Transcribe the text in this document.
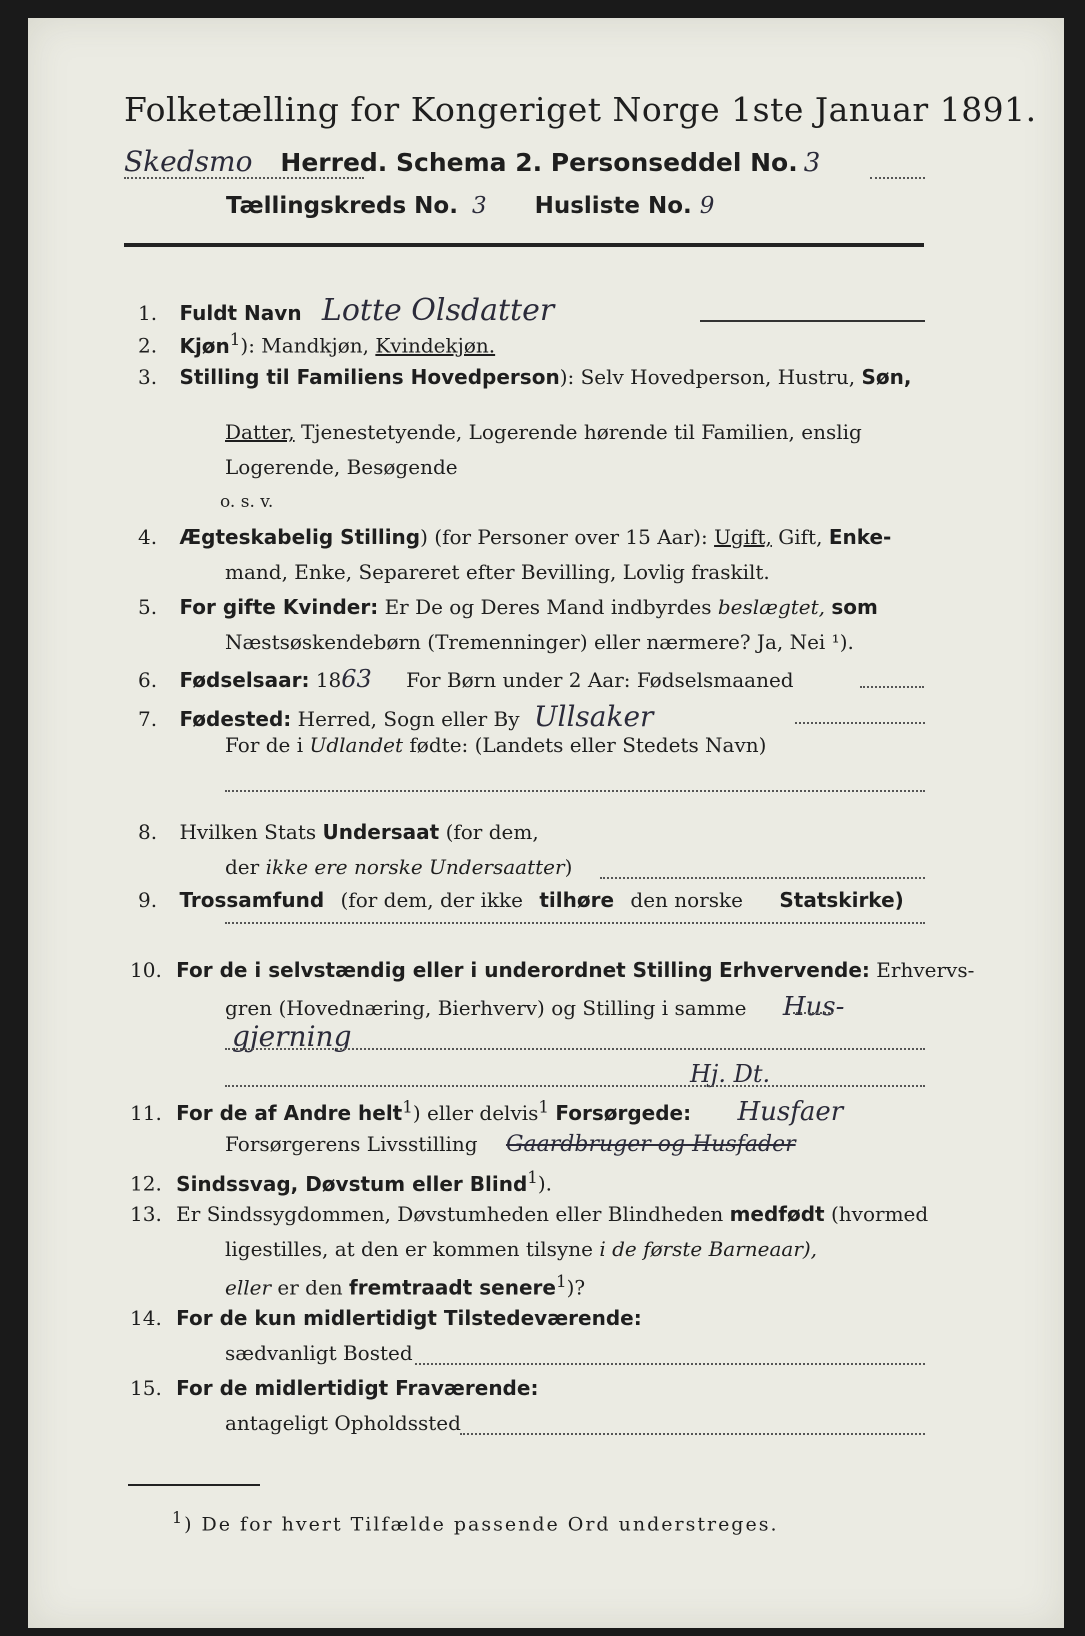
Folketælling for Kongeriget Norge 1ste Januar 1891.
Skedsmo Herred. Schema 2. Personseddel No. 3
Tællingskreds No. 3 Husliste No. 9
1. Fuldt Navn Lotte Olsdatter
2. Kjøn$^1$): Mandkjøn, Kvindekjøn.
3. Stilling til Familiens Hovedperson): Selv Hovedperson, Hustru, Søn,
Datter, Tjenestetyende, Logerende hørende til Familien, enslig
Logerende, Besøgende
o. s. v.
4. Ægteskabelig Stilling) (for Personer over 15 Aar): Ugift, Gift, Enke-
mand, Enke, Separeret efter Bevilling, Lovlig fraskilt.
5. For gifte Kvinder: Er De og Deres Mand indbyrdes beslægtet, som
Næstsøskendebørn (Tremenninger) eller nærmere? Ja, Nei ¹).
6. Fødselsaar: 1863 For Børn under 2 Aar: Fødselsmaaned
7. Fødested: Herred, Sogn eller By Ullsaker
For de i Udlandet fødte: (Landets eller Stedets Navn)
8. Hvilken Stats Undersaat (for dem,
der ikke ere norske Undersaatter)
9. Trossamfund (for dem, der ikke tilhøre den norske Statskirke)
10. For de i selvstændig eller i underordnet Stilling Erhvervende: Erhvervs-
gren (Hovednæring, Bierhverv) og Stilling i samme Hus-
gjerning
Hj. Dt.
11. For de af Andre helt$^1$) eller delvis$^1$ Forsørgede: Husfaer
Forsørgerens Livsstilling Gaardbruger og Husfader
12. Sindssvag, Døvstum eller Blind$^1$).
13. Er Sindssygdommen, Døvstumheden eller Blindheden medfødt (hvormed
ligestilles, at den er kommen tilsyne i de første Barneaar),
eller er den fremtraadt senere$^1$)?
14. For de kun midlertidigt Tilstedeværende:
sædvanligt Bosted
15. For de midlertidigt Fraværende:
antageligt Opholdssted
$^1$) De for hvert Tilfælde passende Ord understreges.
